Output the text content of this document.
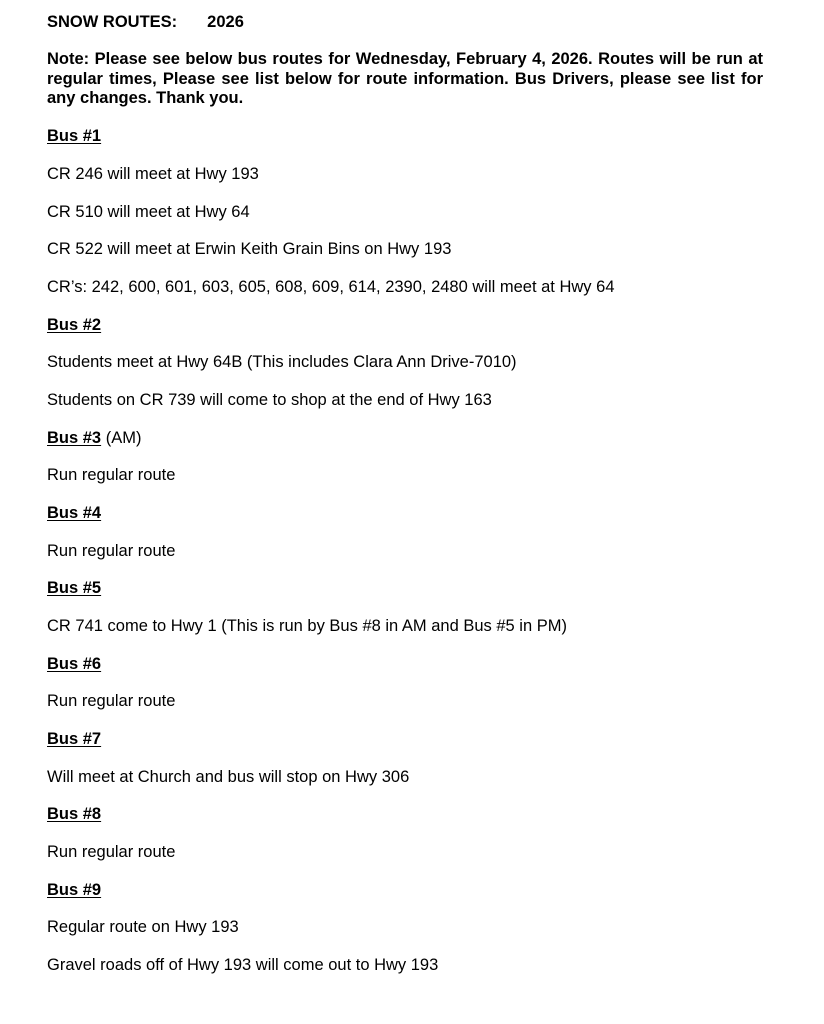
SNOW ROUTES: 2026
Note: Please see below bus routes for Wednesday, February 4, 2026. Routes will be run at regular times, Please see list below for route information. Bus Drivers, please see list for any changes. Thank you.
Bus #1
CR 246 will meet at Hwy 193
CR 510 will meet at Hwy 64
CR 522 will meet at Erwin Keith Grain Bins on Hwy 193
CR’s: 242, 600, 601, 603, 605, 608, 609, 614, 2390, 2480 will meet at Hwy 64
Bus #2
Students meet at Hwy 64B (This includes Clara Ann Drive-7010)
Students on CR 739 will come to shop at the end of Hwy 163
Bus #3 (AM)
Run regular route
Bus #4
Run regular route
Bus #5
CR 741 come to Hwy 1 (This is run by Bus #8 in AM and Bus #5 in PM)
Bus #6
Run regular route
Bus #7
Will meet at Church and bus will stop on Hwy 306
Bus #8
Run regular route
Bus #9
Regular route on Hwy 193
Gravel roads off of Hwy 193 will come out to Hwy 193
